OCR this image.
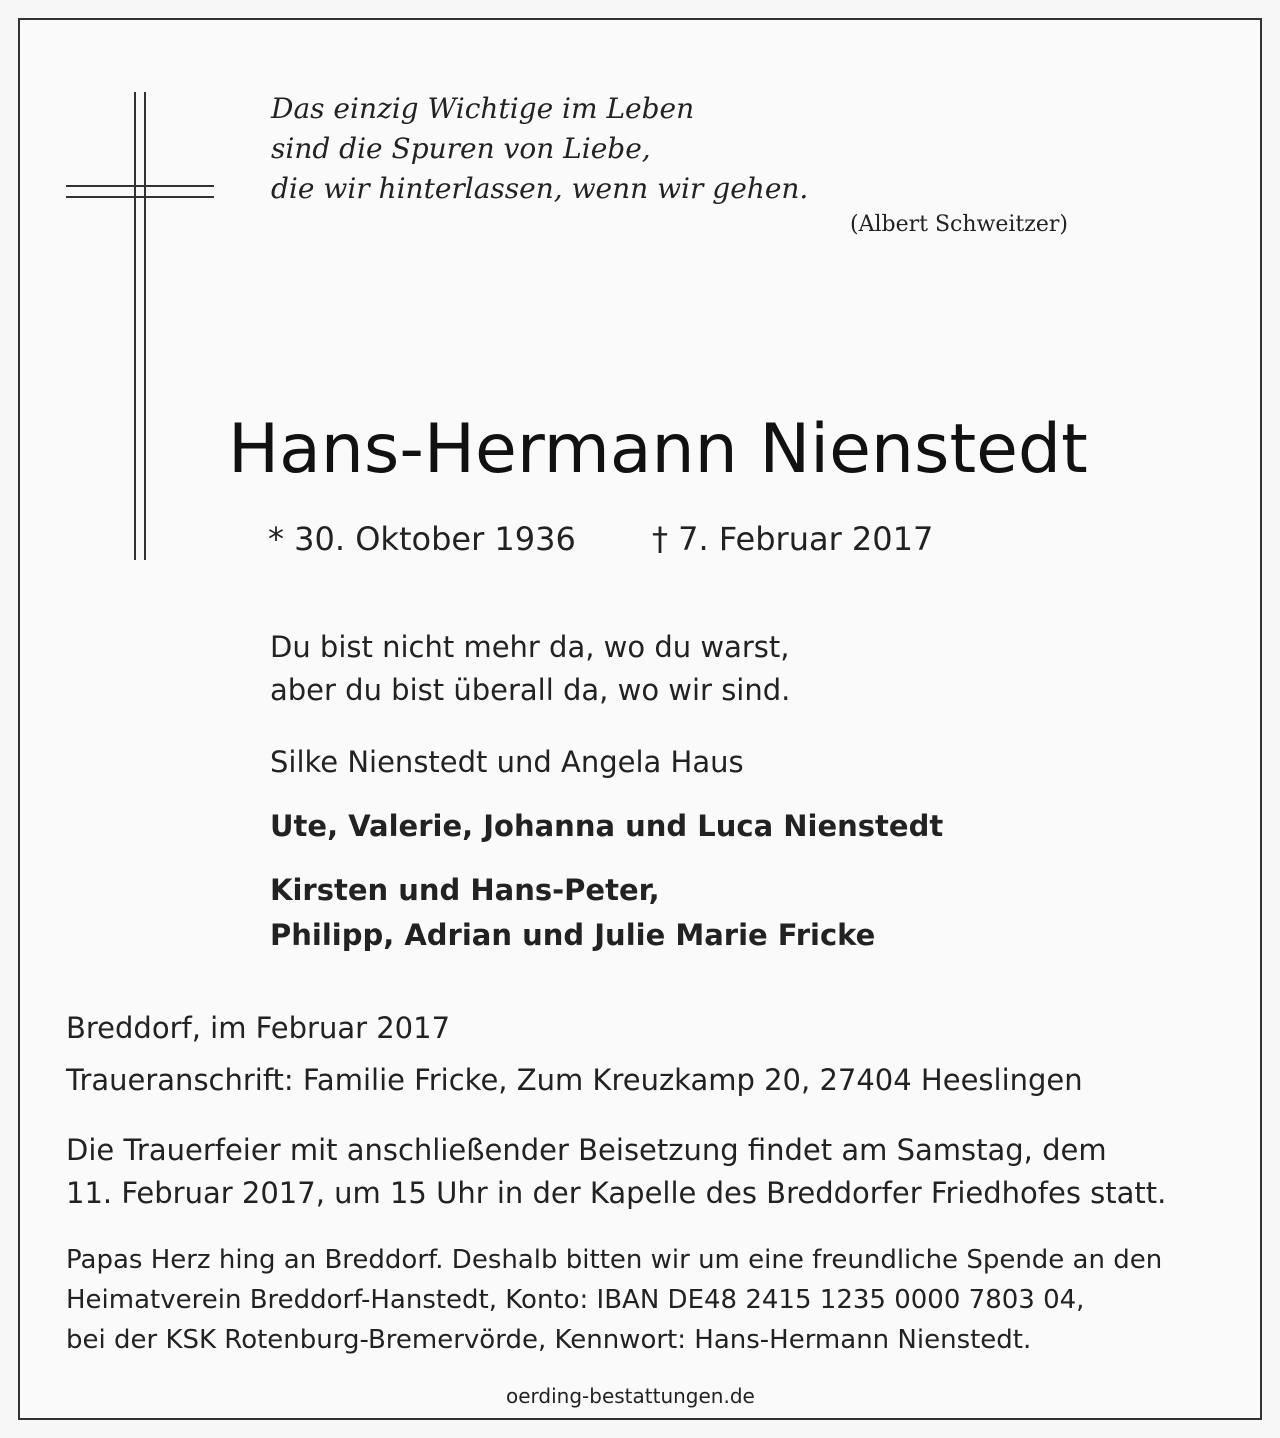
Das einzig Wichtige im Leben
sind die Spuren von Liebe,
die wir hinterlassen, wenn wir gehen.
(Albert Schweitzer)
Hans-Hermann Nienstedt
* 30. Oktober 1936 † 7. Februar 2017
Du bist nicht mehr da, wo du warst,
aber du bist überall da, wo wir sind.
Silke Nienstedt und Angela Haus
Ute, Valerie, Johanna und Luca Nienstedt
Kirsten und Hans-Peter,
Philipp, Adrian und Julie Marie Fricke
Breddorf, im Februar 2017
Traueranschrift: Familie Fricke, Zum Kreuzkamp 20, 27404 Heeslingen
Die Trauerfeier mit anschließender Beisetzung findet am Samstag, dem
11. Februar 2017, um 15 Uhr in der Kapelle des Breddorfer Friedhofes statt.
Papas Herz hing an Breddorf. Deshalb bitten wir um eine freundliche Spende an den
Heimatverein Breddorf-Hanstedt, Konto: IBAN DE48 2415 1235 0000 7803 04,
bei der KSK Rotenburg-Bremervörde, Kennwort: Hans-Hermann Nienstedt.
oerding-bestattungen.de
